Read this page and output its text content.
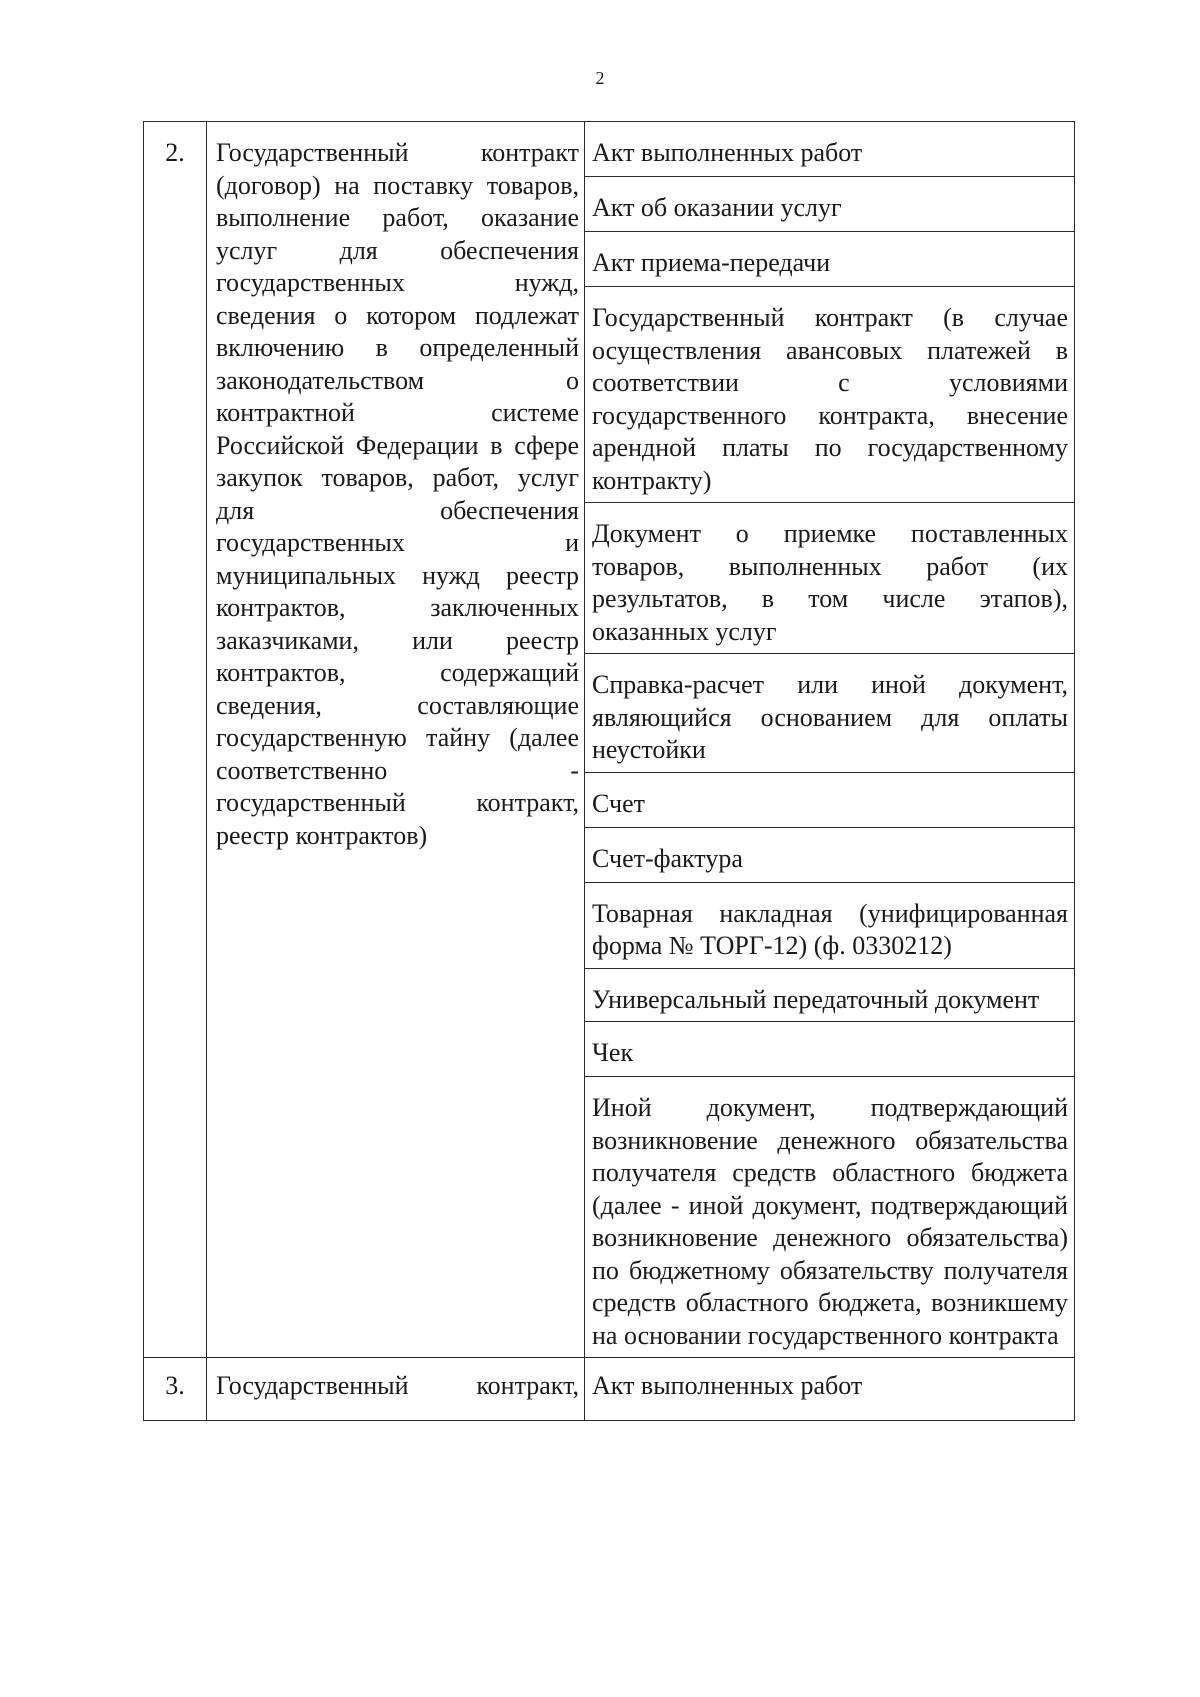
2
2.	Государственный контракт (договор) на поставку товаров, выполнение работ, оказание услуг для обеспечения государственных нужд, сведения о котором подлежат включению в определенный законодательством о контрактной системе Российской Федерации в сфере закупок товаров, работ, услуг для обеспечения государственных и муниципальных нужд реестр контрактов, заключенных заказчиками, или реестр контрактов, содержащий сведения, составляющие государственную тайну (далее соответственно - государственный контракт, реестр контрактов)	Акт выполненных работ
		Акт об оказании услуг
		Акт приема-передачи
		Государственный контракт (в случае осуществления авансовых платежей в соответствии с условиями государственного контракта, внесение арендной платы по государственному контракту)
		Документ о приемке поставленных товаров, выполненных работ (их результатов, в том числе этапов), оказанных услуг
		Справка-расчет или иной документ, являющийся основанием для оплаты неустойки
		Счет
		Счет-фактура
		Товарная накладная (унифицированная форма № ТОРГ-12) (ф. 0330212)
		Универсальный передаточный документ
		Чек
		Иной документ, подтверждающий возникновение денежного обязательства получателя средств областного бюджета (далее - иной документ, подтверждающий возникновение денежного обязательства) по бюджетному обязательству получателя средств областного бюджета, возникшему на основании государственного контракта
3.	Государственный контракт,	Акт выполненных работ
